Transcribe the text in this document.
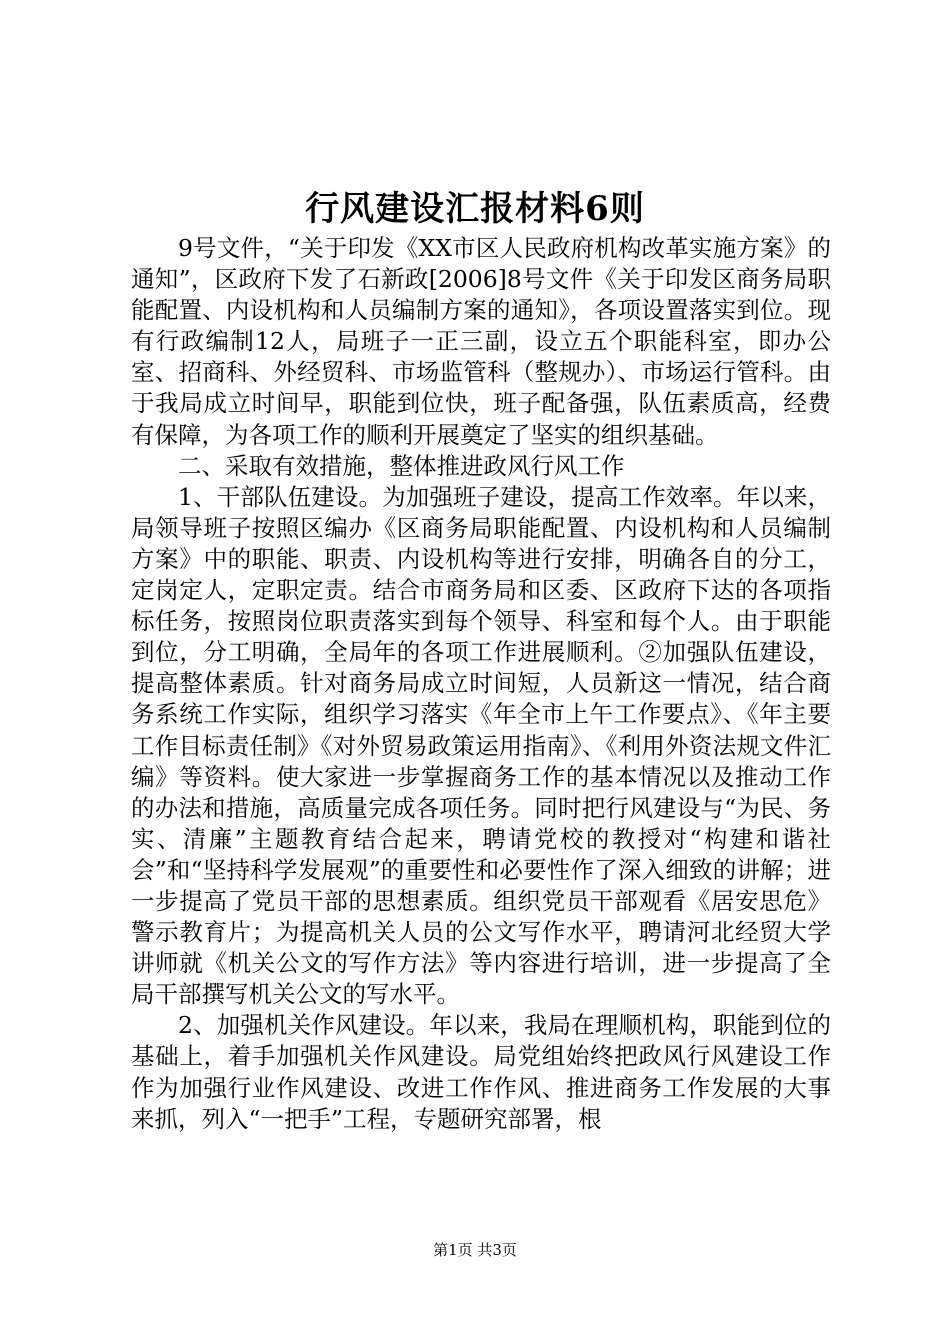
行风建设汇报材料6则

9号文件，“关于印发《XX市区人民政府机构改革实施方案》的通知”，区政府下发了石新政[2006]8号文件《关于印发区商务局职能配置、内设机构和人员编制方案的通知》，各项设置落实到位。现有行政编制12人，局班子一正三副，设立五个职能科室，即办公室、招商科、外经贸科、市场监管科（整规办）、市场运行管科。由于我局成立时间早，职能到位快，班子配备强，队伍素质高，经费有保障，为各项工作的顺利开展奠定了坚实的组织基础。

二、采取有效措施，整体推进政风行风工作

1、干部队伍建设。为加强班子建设，提高工作效率。年以来，局领导班子按照区编办《区商务局职能配置、内设机构和人员编制方案》中的职能、职责、内设机构等进行安排，明确各自的分工，定岗定人，定职定责。结合市商务局和区委、区政府下达的各项指标任务，按照岗位职责落实到每个领导、科室和每个人。由于职能到位，分工明确，全局年的各项工作进展顺利。②加强队伍建设，提高整体素质。针对商务局成立时间短，人员新这一情况，结合商务系统工作实际，组织学习落实《年全市上午工作要点》、《年主要工作目标责任制》《对外贸易政策运用指南》、《利用外资法规文件汇编》等资料。使大家进一步掌握商务工作的基本情况以及推动工作的办法和措施，高质量完成各项任务。同时把行风建设与“为民、务实、清廉”主题教育结合起来，聘请党校的教授对“构建和谐社会”和“坚持科学发展观”的重要性和必要性作了深入细致的讲解；进一步提高了党员干部的思想素质。组织党员干部观看《居安思危》警示教育片；为提高机关人员的公文写作水平，聘请河北经贸大学讲师就《机关公文的写作方法》等内容进行培训，进一步提高了全局干部撰写机关公文的写水平。

2、加强机关作风建设。年以来，我局在理顺机构，职能到位的基础上，着手加强机关作风建设。局党组始终把政风行风建设工作作为加强行业作风建设、改进工作作风、推进商务工作发展的大事来抓，列入“一把手”工程，专题研究部署，根

第1页 共3页
